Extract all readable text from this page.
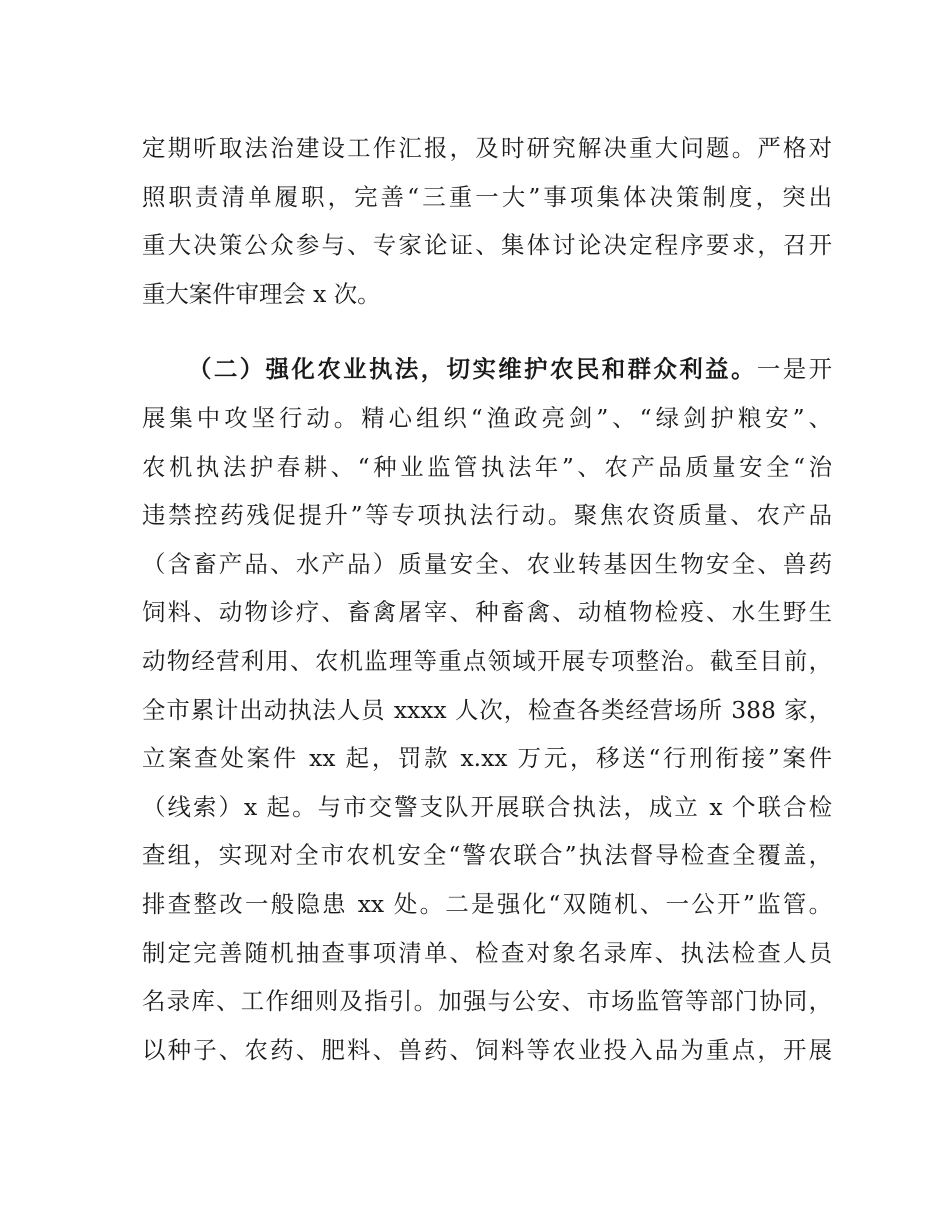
定期听取法治建设工作汇报，及时研究解决重大问题。严格对
照职责清单履职，完善“三重一大”事项集体决策制度，突出
重大决策公众参与、专家论证、集体讨论决定程序要求，召开
重大案件审理会 x 次。
（二）强化农业执法，切实维护农民和群众利益。一是开
展集中攻坚行动。精心组织“渔政亮剑”、“绿剑护粮安”、
农机执法护春耕、“种业监管执法年”、农产品质量安全“治
违禁控药残促提升”等专项执法行动。聚焦农资质量、农产品
（含畜产品、水产品）质量安全、农业转基因生物安全、兽药
饲料、动物诊疗、畜禽屠宰、种畜禽、动植物检疫、水生野生
动物经营利用、农机监理等重点领域开展专项整治。截至目前，
全市累计出动执法人员 xxxx 人次，检查各类经营场所 388 家，
立案查处案件 xx 起，罚款 x.xx 万元，移送“行刑衔接”案件
（线索）x 起。与市交警支队开展联合执法，成立 x 个联合检
查组，实现对全市农机安全“警农联合”执法督导检查全覆盖，
排查整改一般隐患 xx 处。二是强化“双随机、一公开”监管。
制定完善随机抽查事项清单、检查对象名录库、执法检查人员
名录库、工作细则及指引。加强与公安、市场监管等部门协同，
以种子、农药、肥料、兽药、饲料等农业投入品为重点，开展
